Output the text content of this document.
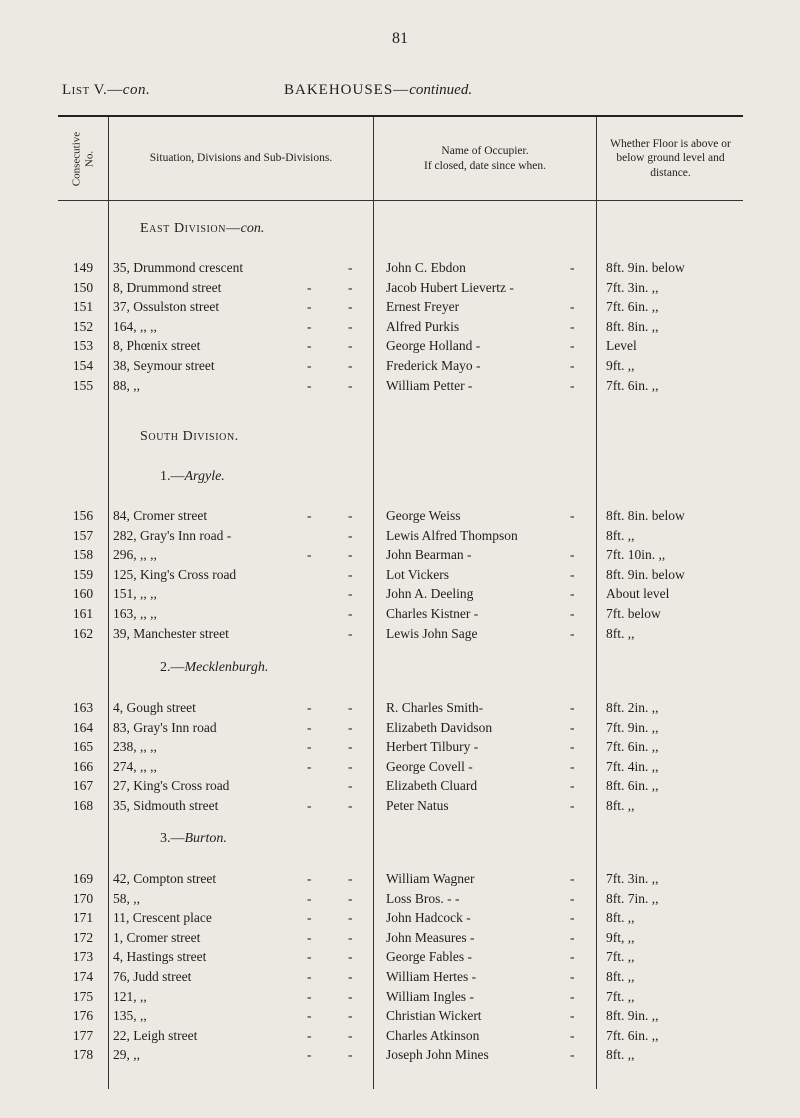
81
List V.—con.	BAKEHOUSES—continued.
Consecutive No.	Situation, Divisions and Sub-Divisions.
Name of Occupier.
If closed, date since when.
Whether Floor is above or below ground level and distance.
East Division—con.
South Division.
1.—Argyle.
2.—Mecklenburgh.
3.—Burton.
149	35, Drummond crescent	- John C. Ebdon	- 8ft. 9in. below
150	8, Drummond street	-	- Jacob Hubert Lievertz -	7ft. 3in. ,,
151	37, Ossulston street	-	- Ernest Freyer	- 7ft. 6in. ,,
152	164, ,, ,,	-	- Alfred Purkis	- 8ft. 8in. ,,
153	8, Phœnix street	-	- George Holland -	- Level
154	38, Seymour street	-	- Frederick Mayo -	- 9ft. ,,
155	88, ,,	-	- William Petter -	- 7ft. 6in. ,,
156	84, Cromer street	-	- George Weiss	- 8ft. 8in. below
157	282, Gray's Inn road -	- Lewis Alfred Thompson	8ft. ,,
158	296, ,, ,,	-	- John Bearman -	- 7ft. 10in. ,,
159	125, King's Cross road	- Lot Vickers	- 8ft. 9in. below
160	151, ,, ,,	- John A. Deeling	- About level
161	163, ,, ,,	- Charles Kistner -	- 7ft. below
162	39, Manchester street	- Lewis John Sage	- 8ft. ,,
163	4, Gough street	-	- R. Charles Smith-	- 8ft. 2in. ,,
164	83, Gray's Inn road	-	- Elizabeth Davidson	- 7ft. 9in. ,,
165	238, ,, ,,	-	- Herbert Tilbury -	- 7ft. 6in. ,,
166	274, ,, ,,	-	- George Covell -	- 7ft. 4in. ,,
167	27, King's Cross road	- Elizabeth Cluard	- 8ft. 6in. ,,
168	35, Sidmouth street	-	- Peter Natus	- 8ft. ,,
169	42, Compton street	-	- William Wagner	- 7ft. 3in. ,,
170	58, ,,	-	- Loss Bros. - -	- 8ft. 7in. ,,
171	11, Crescent place	-	- John Hadcock -	- 8ft. ,,
172	1, Cromer street	-	- John Measures -	- 9ft, ,,
173	4, Hastings street	-	- George Fables -	- 7ft. ,,
174	76, Judd street	-	- William Hertes -	- 8ft. ,,
175	121, ,,	-	- William Ingles -	- 7ft. ,,
176	135, ,,	-	- Christian Wickert	- 8ft. 9in. ,,
177	22, Leigh street	-	- Charles Atkinson	- 7ft. 6in. ,,
178	29, ,,	-	- Joseph John Mines	- 8ft. ,,
